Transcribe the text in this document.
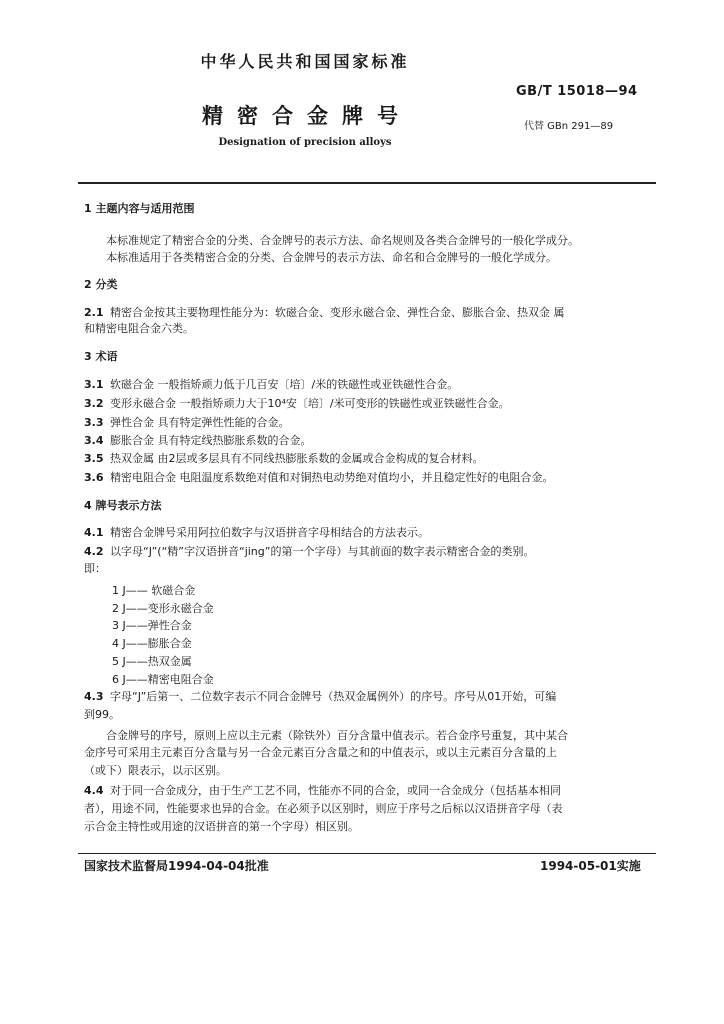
中华人民共和国国家标准
GB/T 15018—94
精密合金牌号	代替 GBn 291—89
Designation of precision alloys
1 主题内容与适用范围
本标准规定了精密合金的分类、合金牌号的表示方法、命名规则及各类合金牌号的一般化学成分。
本标准适用于各类精密合金的分类、合金牌号的表示方法、命名和合金牌号的一般化学成分。
2 分类
2.1 精密合金按其主要物理性能分为：软磁合金、变形永磁合金、弹性合金、膨胀合金、热双金 属
和精密电阻合金六类。
3 术语
3.1 软磁合金 一般指矫顽力低于几百安〔培〕/米的铁磁性或亚铁磁性合金。
3.2 变形永磁合金 一般指矫顽力大于10⁴安〔培〕/米可变形的铁磁性或亚铁磁性合金。
3.3 弹性合金 具有特定弹性性能的合金。
3.4 膨胀合金 具有特定线热膨胀系数的合金。
3.5 热双金属 由2层或多层具有不同线热膨胀系数的金属或合金构成的复合材料。
3.6 精密电阻合金 电阻温度系数绝对值和对铜热电动势绝对值均小，并且稳定性好的电阻合金。
4 牌号表示方法
4.1 精密合金牌号采用阿拉伯数字与汉语拼音字母相结合的方法表示。
4.2 以字母“J”(“精”字汉语拼音“jing”的第一个字母）与其前面的数字表示精密合金的类别。
即：
1 J—— 软磁合金
2 J——变形永磁合金
3 J——弹性合金
4 J——膨胀合金
5 J——热双金属
6 J——精密电阻合金
4.3 字母“J”后第一、二位数字表示不同合金牌号（热双金属例外）的序号。序号从01开始，可编
到99。
合金牌号的序号，原则上应以主元素（除铁外）百分含量中值表示。若合金序号重复，其中某合
金序号可采用主元素百分含量与另一合金元素百分含量之和的中值表示，或以主元素百分含量的上
（或下）限表示，以示区别。
4.4 对于同一合金成分，由于生产工艺不同，性能亦不同的合金，或同一合金成分（包括基本相同
者），用途不同，性能要求也异的合金。在必须予以区别时，则应于序号之后标以汉语拼音字母（表
示合金主特性或用途的汉语拼音的第一个字母）相区别。
国家技术监督局1994-04-04批准	1994-05-01实施
